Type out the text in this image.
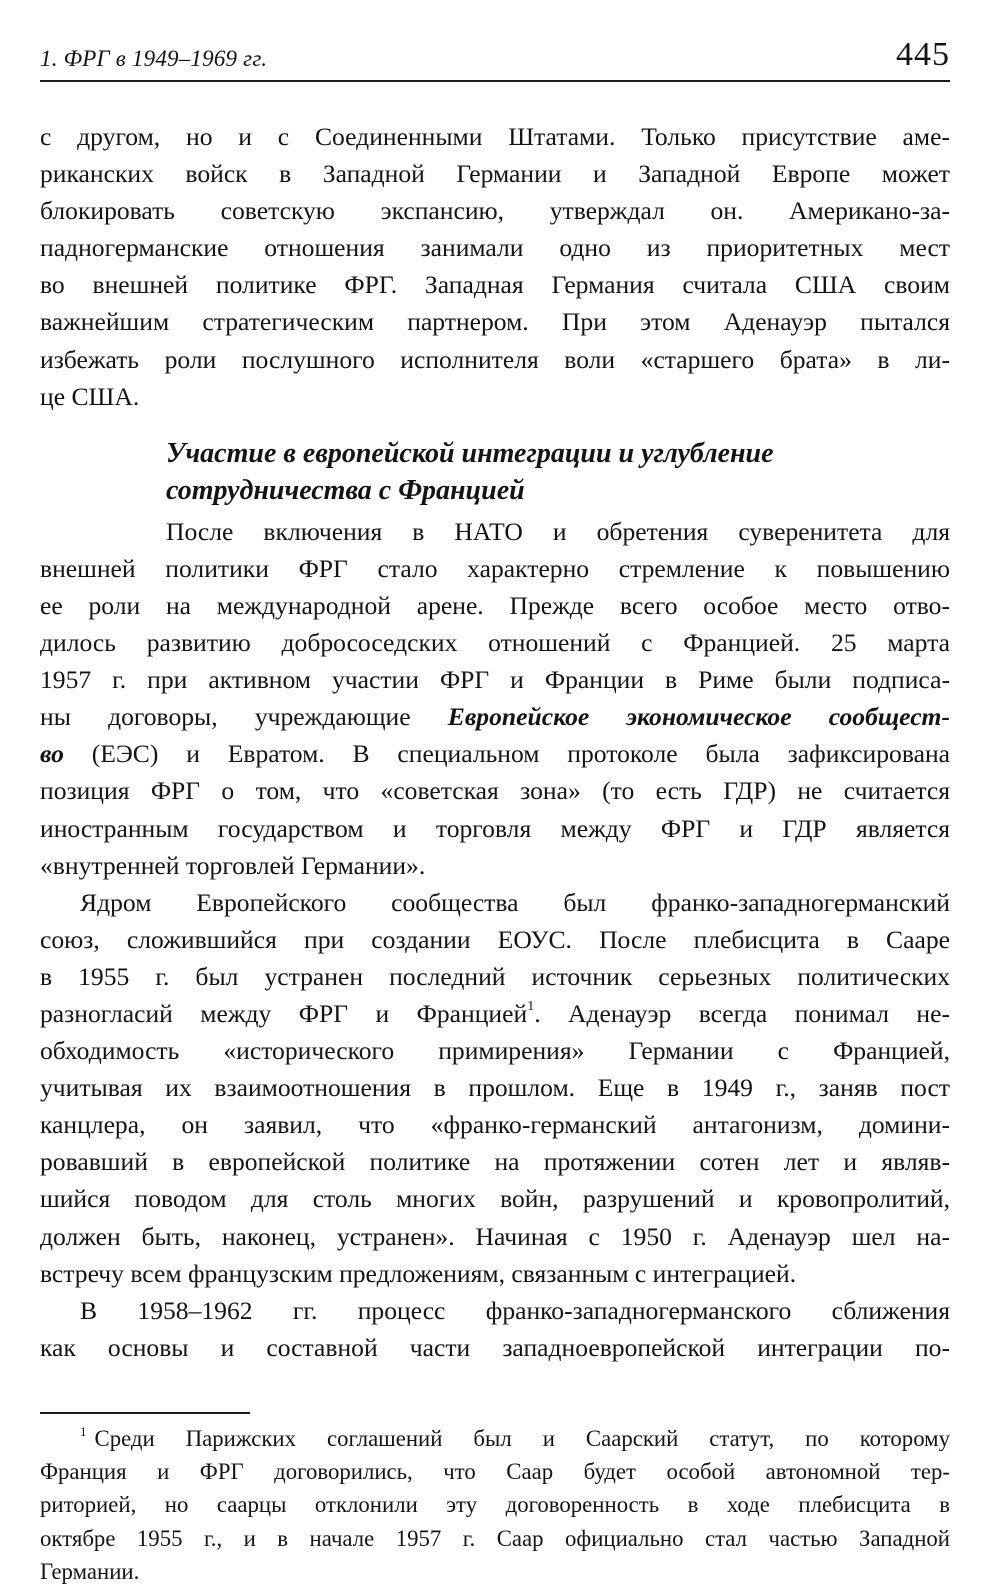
1. ФРГ в 1949–1969 гг.	445
с другом, но и с Соединенными Штатами. Только присутствие аме-
риканских войск в Западной Германии и Западной Европе может
блокировать советскую экспансию, утверждал он. Американо-за-
падногерманские отношения занимали одно из приоритетных мест
во внешней политике ФРГ. Западная Германия считала США своим
важнейшим стратегическим партнером. При этом Аденауэр пытался
избежать роли послушного исполнителя воли «старшего брата» в ли-
це США.
Участие в европейской интеграции и углубление
сотрудничества с Францией
После включения в НАТО и обретения суверенитета для
внешней политики ФРГ стало характерно стремление к повышению
ее роли на международной арене. Прежде всего особое место отво-
дилось развитию добрососедских отношений с Францией. 25 марта
1957 г. при активном участии ФРГ и Франции в Риме были подписа-
ны договоры, учреждающие Европейское экономическое сообщест-
во (ЕЭС) и Евратом. В специальном протоколе была зафиксирована
позиция ФРГ о том, что «советская зона» (то есть ГДР) не считается
иностранным государством и торговля между ФРГ и ГДР является
«внутренней торговлей Германии».
Ядром Европейского сообщества был франко-западногерманский
союз, сложившийся при создании ЕОУС. После плебисцита в Сааре
в 1955 г. был устранен последний источник серьезных политических
разногласий между ФРГ и Францией$^1$. Аденауэр всегда понимал не-
обходимость «исторического примирения» Германии с Францией,
учитывая их взаимоотношения в прошлом. Еще в 1949 г., заняв пост
канцлера, он заявил, что «франко-германский антагонизм, домини-
ровавший в европейской политике на протяжении сотен лет и являв-
шийся поводом для столь многих войн, разрушений и кровопролитий,
должен быть, наконец, устранен». Начиная с 1950 г. Аденауэр шел на-
встречу всем французским предложениям, связанным с интеграцией.
В 1958–1962 гг. процесс франко-западногерманского сближения
как основы и составной части западноевропейской интеграции по-
$^1$ Среди Парижских соглашений был и Саарский статут, по которому
Франция и ФРГ договорились, что Саар будет особой автономной тер-
риторией, но саарцы отклонили эту договоренность в ходе плебисцита в
октябре 1955 г., и в начале 1957 г. Саар официально стал частью Западной
Германии.
